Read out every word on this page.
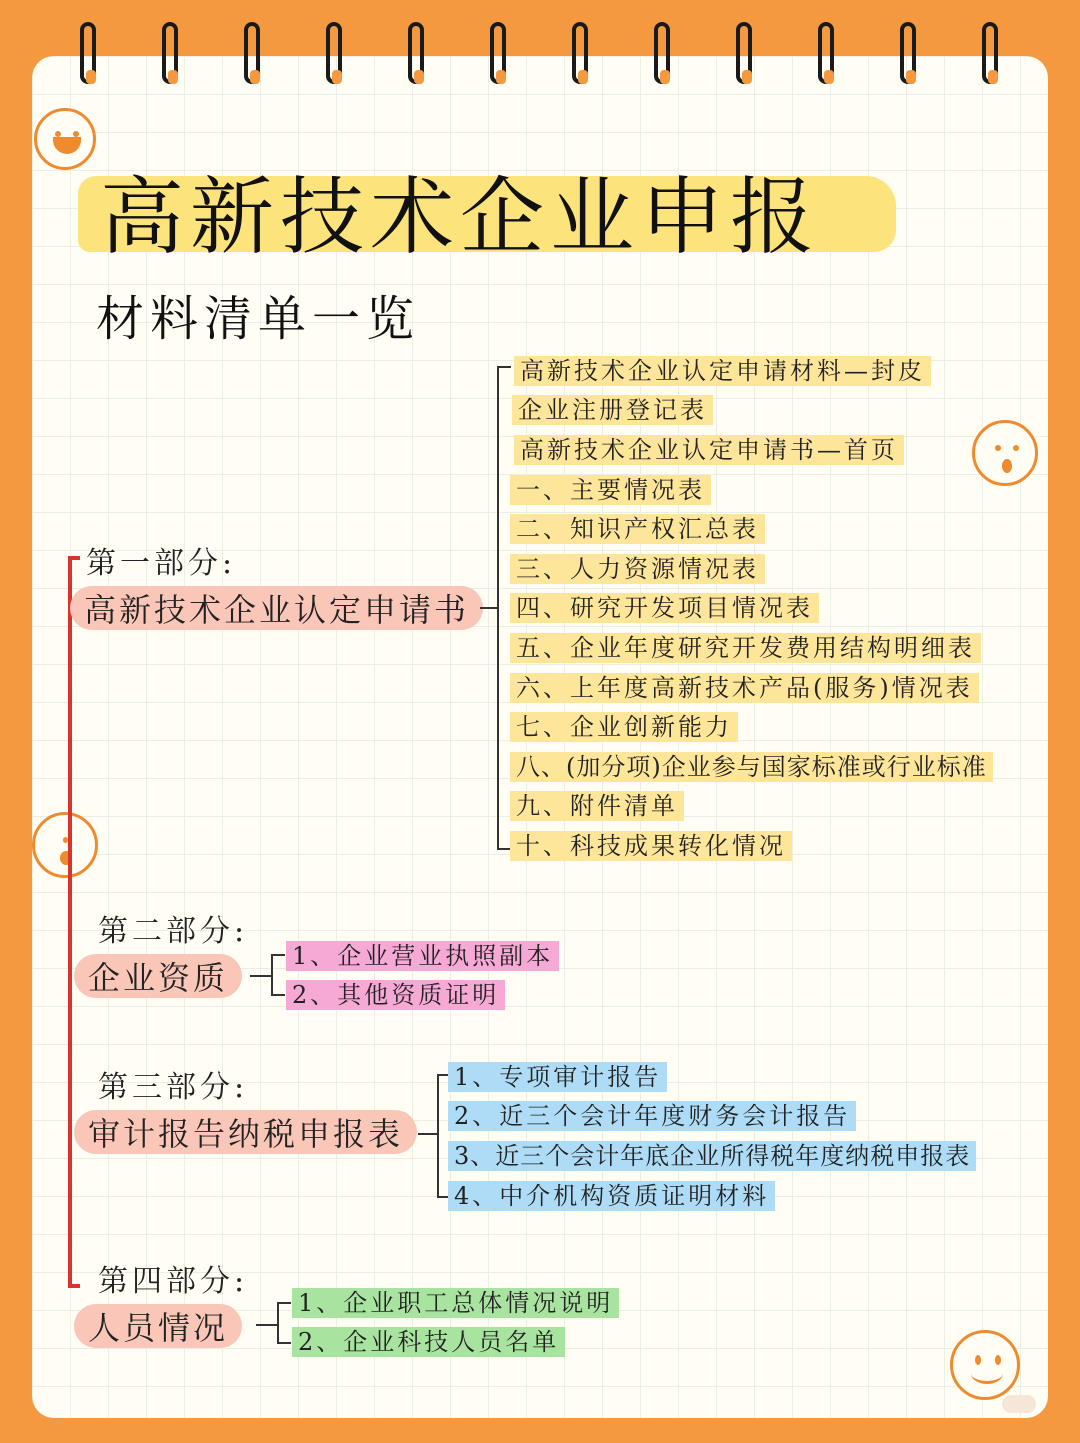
高新技术企业申报
材料清单一览
第一部分:
高新技术企业认定申请书
高新技术企业认定申请材料—封皮
企业注册登记表
高新技术企业认定申请书—首页
一、主要情况表
二、知识产权汇总表
三、人力资源情况表
四、研究开发项目情况表
五、企业年度研究开发费用结构明细表
六、上年度高新技术产品(服务)情况表
七、企业创新能力
八、(加分项)企业参与国家标准或行业标准
九、附件清单
十、科技成果转化情况
第二部分:
企业资质
1、企业营业执照副本
2、其他资质证明
第三部分:
审计报告纳税申报表
1、专项审计报告
2、近三个会计年度财务会计报告
3、近三个会计年底企业所得税年度纳税申报表
4、中介机构资质证明材料
第四部分:
人员情况
1、企业职工总体情况说明
2、企业科技人员名单
